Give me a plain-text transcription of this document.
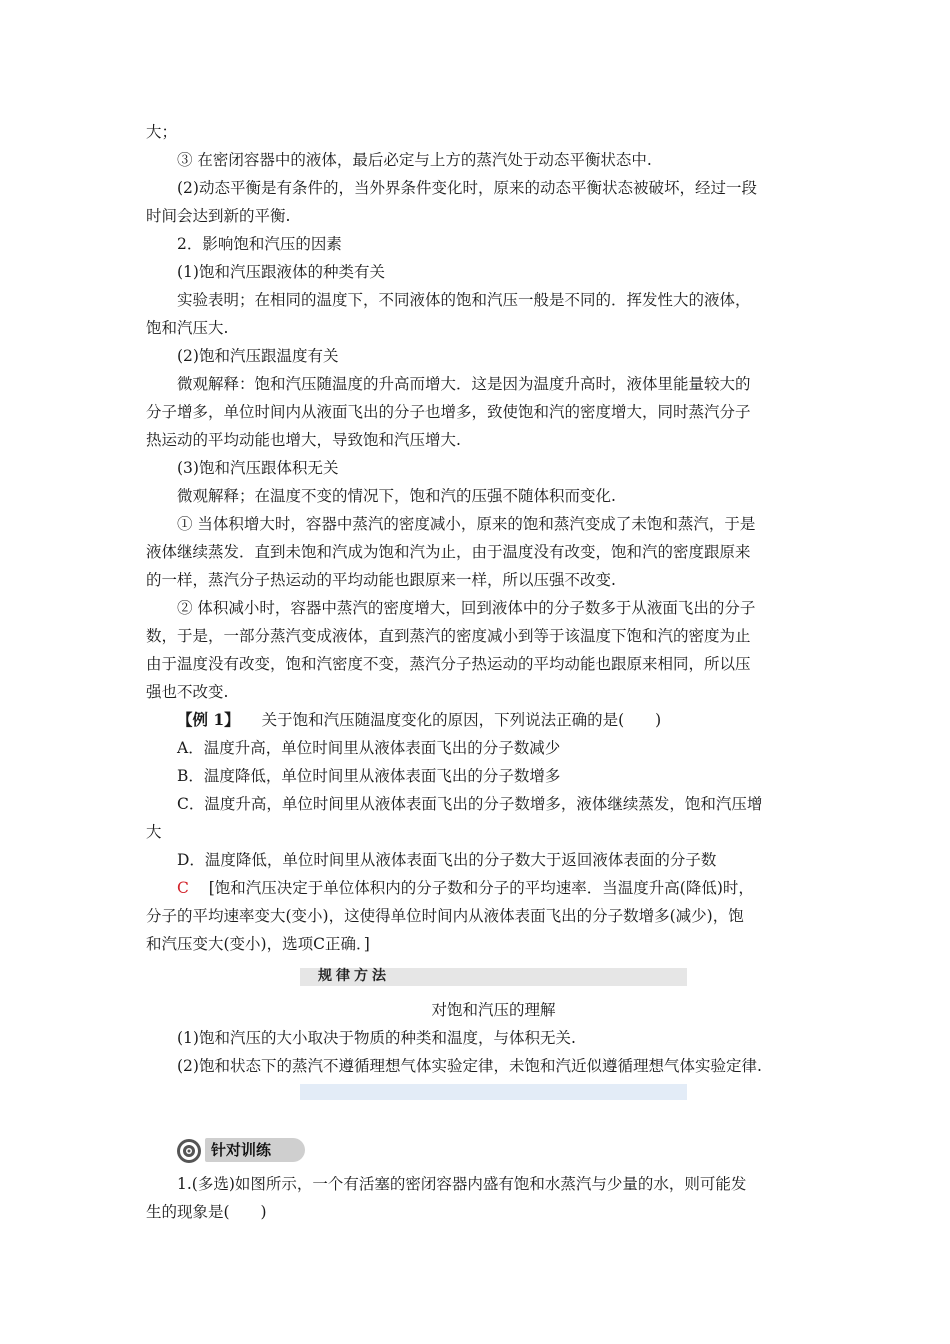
大；
③ 在密闭容器中的液体，最后必定与上方的蒸汽处于动态平衡状态中.
(2)动态平衡是有条件的，当外界条件变化时，原来的动态平衡状态被破坏，经过一段
时间会达到新的平衡.
2．影响饱和汽压的因素
(1)饱和汽压跟液体的种类有关
实验表明；在相同的温度下，不同液体的饱和汽压一般是不同的．挥发性大的液体，
饱和汽压大.
(2)饱和汽压跟温度有关
微观解释：饱和汽压随温度的升高而增大．这是因为温度升高时，液体里能量较大的
分子增多，单位时间内从液面飞出的分子也增多，致使饱和汽的密度增大，同时蒸汽分子
热运动的平均动能也增大，导致饱和汽压增大.
(3)饱和汽压跟体积无关
微观解释；在温度不变的情况下，饱和汽的压强不随体积而变化.
① 当体积增大时，容器中蒸汽的密度减小，原来的饱和蒸汽变成了未饱和蒸汽，于是
液体继续蒸发．直到未饱和汽成为饱和汽为止，由于温度没有改变，饱和汽的密度跟原来
的一样，蒸汽分子热运动的平均动能也跟原来一样，所以压强不改变.
② 体积减小时，容器中蒸汽的密度增大，回到液体中的分子数多于从液面飞出的分子
数，于是，一部分蒸汽变成液体，直到蒸汽的密度减小到等于该温度下饱和汽的密度为止
由于温度没有改变，饱和汽密度不变，蒸汽分子热运动的平均动能也跟原来相同，所以压
强也不改变.
【例 1】 关于饱和汽压随温度变化的原因，下列说法正确的是(　　)
A．温度升高，单位时间里从液体表面飞出的分子数减少
B．温度降低，单位时间里从液体表面飞出的分子数增多
C．温度升高，单位时间里从液体表面飞出的分子数增多，液体继续蒸发，饱和汽压增
大
D．温度降低，单位时间里从液体表面飞出的分子数大于返回液体表面的分子数
C [饱和汽压决定于单位体积内的分子数和分子的平均速率．当温度升高(降低)时，
分子的平均速率变大(变小)，这使得单位时间内从液体表面飞出的分子数增多(减少)，饱
和汽压变大(变小)，选项C正确．]
规律方法
对饱和汽压的理解
(1)饱和汽压的大小取决于物质的种类和温度，与体积无关.
(2)饱和状态下的蒸汽不遵循理想气体实验定律，未饱和汽近似遵循理想气体实验定律.
针对训练
1.(多选)如图所示，一个有活塞的密闭容器内盛有饱和水蒸汽与少量的水，则可能发
生的现象是(　　)
